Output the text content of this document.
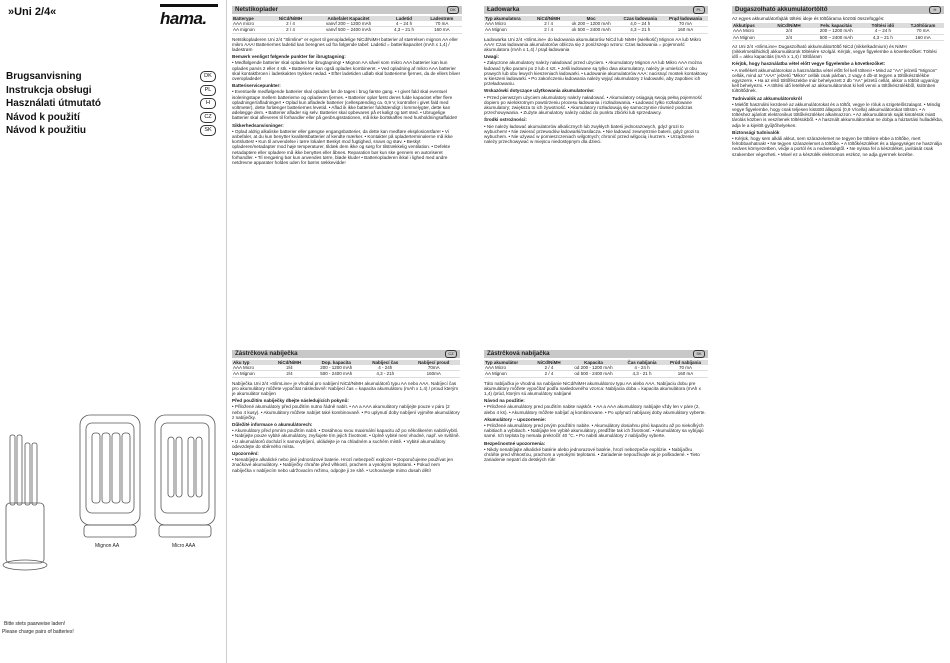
»Uni 2/4«	hama.
Brugsanvisning	DK
Instrukcja obsługi	PL
Használati útmutató	H
Návod k použití	CZ
Návod k použitiu	SK
Bitte stets paarweise laden!
Please charge pairs of batteries!
Mignon AA	Micro AAA
Netstikoplader	DK
Batterype	NiCd/NiMH	Anbefalet Kapacitet	Ladetid	Ladestrøm
AAA micro	2 / 4	vanvf 200 – 1200 mAh	4 – 24 h	70 mA
AA mignon	2 / 4	vanvf 500 – 2400 mAh	4,3 – 21 h	160 mA

Netstikopladeren Uni 2/4 "Slimline" er egnet til genopladelige NiCd/NiMH batterier af størrelsen mignon AA eller mikro AAA! Batteriernes ladetid kan beregnes ud fra følgende tabel: Ladetid = batterikapacitet (mAh x 1,4) / ladestrøm

Bemærk venligst følgende punkter før ibrugtagning:

• Medfølgende batterier skal oplades før ibrugtagning! • Mignon AA såvel som mikro AAA batterier kan kun oplades parvis 2 eller 4 stk. • Batterierne kan også oplades kombineret. • Ved opladning af mikro AAA batterier skal kontaktbroen i ladeskakten trykkes nedad. • Efter ladetiden udløb skal batterierne fjernes, da de ellers bliver overopladede!

Batteriservicepunkter:

• Eventuelle medfølgende batterier skal oplades før de tages i brug første gang. • I givet fald skal eventuel isoleringstape mellem batterierne og opladeren fjernes. • Batterier oplør først deres fulde kapacitet efter flere opladninger/afladninger! • Oplad kun afladede batterier (cellespænding ca. 0,9 V, kontroller i givet fald med voltmeter), dette forlænger batteriernes levetid. • Aflad ik ikke batterier fuldstændigt i lommelygter, dette kan ødelægge dem. • Batterier aflader sig selv. Batterier skal opbevares på et køligt og tørt sted. • Ubrugelige batterier skal afleveres til forhandler eller på genbrugsstationen, må ikke bortskaffes med husholdningsaffaldet!

Sikkerhedsanvisninger:

• Oplad aldrig alkaliske batterier eller gængse engangsbatterier, da dette kan medføre eksplosionsfare! • Vi anbefaler, at du kun benytter kvalitetsbatterier af kendte mærker. • Kontakter på opladerterminalerne må ikke kortsluttes! • Kun til anvendelse i tørre lokaler! Beskyt mod fugtighed, snavs og støv. • Beskyt opladeren/netadapter mod høje temperaturer, tildæk dem ikke og sørg for tilstrækkelig ventilation. • Defekte netadaptere eller opladere må ikke benyttes eller åbnes. Reparation bør kun ske gennem en autoriseret forhandler. • Til rengøring bør kun anvendes tørre, bløde klude! • Batteriopladeren ikkal i lighed med andre netdrevne apparater holdes uden for børns rækkevidde!

Ładowarka	PL
Typ akumulatora	NiCd/NiMH	Moc	Czas ładowania	Prąd ładowania
AAA Micro	2 / 4	ok 200 – 1200 mAh	4,0 – 24 h	70 mA
AA Mignon	2 / 4	ok 500 – 2400 mAh	4,3 – 21 h	160 mA

Ładowarka Uni 2/4 »SlimLine« do ładowania akumulatorów NiCd lub NiMH (wielkość) Mignon AA lub Mikro AAA! Czas ładowania akumulatorów oblicza się z poniższego wzoru: Czas ładowania = pojemność akumulatora (mAh x 1,4) / prąd ładowania

Uwagi:

• Załączone akumulatory należy naładować przed użyciem. • Akumulatory Mignon AA lub Mikro AAA można ładować tylko parami po 2 lub 4 szt. • Jeśli ładowane są tylko dwa akumulatory, należy je umieścić w obu prawych lub obu lewych kieszeniach ładowarki. • Ładowanie akumulatorów AAA: nacisnąć mostek kontaktowy w kieszeni ładowarki. • Po zakończeniu ładowania należy wyjąć akumulatory z ładowarki, aby zapobiec ich przeładowaniu.

Wskazówki dotyczące użytkowania akumulatorów:

• Przed pierwszym użyciem akumulatory należy naładować. • Akumulatory osiągają swoją pełną pojemność dopiero po wielokrotnym powtórzeniu procesu ładowania i rozładowania. • Ładować tylko rozładowane akumulatory; zwiększa to ich żywotność. • Akumulatory rozładowują się samoczynnie również podczas przechowywania. • Zużyte akumulatory należy oddać do punktu zbiórki lub sprzedawcy.

Środki ostrożności:

• Nie należy ładować akumulatorów alkalicznych lub zwykłych baterii jednorazowych, gdyż grozi to wybuchem! • Nie zwierać przewodów ładowarki/zasilacza. • Nie ładować zewnętrznie baterii, gdyż grozi to wybuchem. • Nie używać w pomieszczeniach wilgotnych; chronić przed wilgocią i kurzem. • Urządzenie należy przechowywać w miejscu niedostępnym dla dzieci.

Dugaszolható akkumulátortöltő	H

Az egyes akkumulátorfajták töltési ideje és töltőárama közötti összefüggés:

Akkutípus	NiCd/NiMH	Felv. kapacitás	Töltési idő	T.zöltőáram
AAA Micro	2/4	200 – 1200 mAh	4 – 24 h	70 mA
AA Mignon	2/4	500 – 2400 mAh	4,3 – 21 h	160 mA

Az Uni 2/4 »SlimLine« Dugaszolható akkumulátortöltő NiCd (nikkelkadmium) és NiMH (nikkelmetálhidrid) akkumulátorok töltésére szolgál. Kérjük, vegye figyelembe a következőket: Töltési idő = akku kapacitás (mAh x 1,4) / töltőáram

Kérjük, hogy használatba vétel előtt vegye figyelembe a következőket:

• A mellékelt akkumulátorokat a használatba vétel előtt fel kell tölteni! • Mind az "AA" jelzetű "Mignon" cellák, mind az "AAA" jelzetű "Mikro" cellák csak párban, 2 vagy 4 db-ot tegyen a töltőkészülékbe egyszerre. • Ha az első töltőfészekbe már behelyezett 2 db "AA" jelzetű cellát, akkor a többit ugyanígy kell behelyezni. • A töltési idő leteltével az akkumulátorokat ki kell venni a töltőkészülékből, különben túltöltődnek.

Tudnivalók az akkumulátorokról

• Mielőtt használni kezdené az akkumulátorokat és a töltőt, vegye le róluk a szigetelőszalagot. • Mindig vegye figyelembe, hogy csak teljesen kisütött állapotú (0,9 V/cella) akkumulátorokat töltsön. • A töltéshez ajánlott elektronikus töltőkészüléket alkalmazzon. • Az akkumulátorok saját kisütésük miatt tárolás közben is veszítenek töltésükből. • A használt akkumulátorokat ne dobja a háztartási hulladékba, adja le a kijelölt gyűjtőhelyeken.

Biztonsági tudnivalók

• Kérjük, hogy sem alkáli akkut, sem szárazelemet ne tegyen be töltésre ebbe a töltőbe, mert felrobbanhatnak! • Ne tegyen szárazelemet a töltőbe. • A töltőkészüléket és a tápegységet ne használja nedves környezetben, védje a portól és a nedvességtől. • Ne nyissa fel a készüléket, javítását csak szakember végezheti. • Mivel ez a készülék elektromos eszköz, ne adja gyermek kezébe.

Zástrčková nabíječka	CZ
Aku typ	NiCd/NiMH	Dop. kapacita	Nabíjecí čas	Nabíjecí proud
AAA Micro	2/4	200 - 1200 mAh	4 - 24h	70mA
AA Mignon	2/4	500 - 2400 mAh	4,3 - 21h	160mA

Nabíječka Uni 2/4 »SlimLine« je vhodná pro nabíjení NiCd/NiMH akumulátorů typu AA nebo AAA. Nabíjecí čas pro akumulátory můžete vypočítat následovně: Nabíjecí čas = kapacita akumulátoru (mAh x 1,4) / proud kterým je akumulátor nabíjen

Před použitím nabíječky dbejte následujících pokynů:

• Přiložené akumulátory před použitím nutno řádně nabít. • AA a AAA akumulátory nabíjejte pouze v páru (2 nebo 4 kusy). • Akumulátory můžete nabíjet také kombinovaně. • Po uplynutí doby nabíjení vyjměte akumulátory z nabíječky.

Důležité informace o akumulátorech:

• Akumulátory před prvním použitím nabít. • Dosáhnou svou maximální kapacitu až po několikerém nabití/vybití. • Nabíjejte pouze vybité akumulátory, zvyšujete tím jejich životnost. • Úplně vybité není vhodné, např. ve svítilně. • U akumulátorů dochází k samovybíjení, ukládejte je na chladném a suchém místě. • Vybité akumulátory odevzdejte do sběrného místa.

Upozornění:

• Nenabíjejte alkalické nebo jiné jednorázové baterie. Hrozí nebezpečí exploze! • Doporučujeme používat jen značkové akumulátory. • Nabíječky chraňte před vlhkostí, prachem a vysokými teplotami. • Pokud nem nabíječka v nabíjecím nebo udržovacím režimu, odpojte ji ze sítě. • Uchovávejte mimo dosah dětí!

Zástrčková nabíjačka	SK
Typ akumulátor	NiCd/NiMH	Kapacita	Čas nabíjania	Prúd nabíjania
AAA Micro	2 / 4	od 200 - 1200 mAh	4 - 24 h	70 mA
AA Mignon	2 / 4	od 500 - 2400 mAh	4,3 - 21 h	160 mA

Táto nabíjačka je vhodná na nabíjanie NiCd/NiMH akumulátorov typu AA alebo AAA. Nabíjaciu dobu pre akumulátory môžete vypočítať podľa nasledovného vzorca: Nabíjacia doba = kapacita akumulátora (mAh x 1,4) /prúd, ktorým sú akumulátory nabíjané

Návod na použitie:

• Priložené akumulátory pred použitím nabite najskôr. • AA a AAA akumulátory nabíjajte vždy len v páre (2, alebo 4 ks). • Akumulátory môžete nabíjať aj kombinovane. • Po uplynutí nabíjacej doby akumulátory vyberte.

Akumulátory – upozornenie:

• Priložené akumulátory pred prvým použitím nabite. • Akumulátory dosiahnu plnú kapacitu až po niekoľkých nabitiach a vybitiach. • Nabíjajte len vybité akumulátory, predĺžite tak ich životnosť. • Akumulátory sa vybíjajú samé. Ich teplota by nemala prekročiť 40 °C. • Po nabití akumulátory z nabíjačky vyberte.

Bezpečnostné upozornenia:

• Nikdy nenabíjajte alkalické batérie alebo jednorazové batérie, hrozí nebezpečie explózie. • Nabíjačku chráňte pred vlhkosťou, prachom a vysokými teplotami. • Zariadenie nepoužívajte ak je poškodené. • Tieto zariadenie nepatrí do detských rúk!
